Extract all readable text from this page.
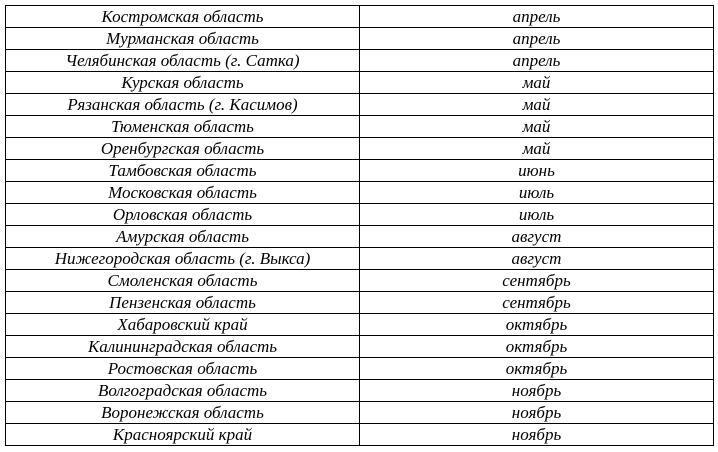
Костромская область	апрель
Мурманская область	апрель
Челябинская область (г. Сатка)	апрель
Курская область	май
Рязанская область (г. Касимов)	май
Тюменская область	май
Оренбургская область	май
Тамбовская область	июнь
Московская область	июль
Орловская область	июль
Амурская область	август
Нижегородская область (г. Выкса)	август
Смоленская область	сентябрь
Пензенская область	сентябрь
Хабаровский край	октябрь
Калининградская область	октябрь
Ростовская область	октябрь
Волгоградская область	ноябрь
Воронежская область	ноябрь
Красноярский край	ноябрь
